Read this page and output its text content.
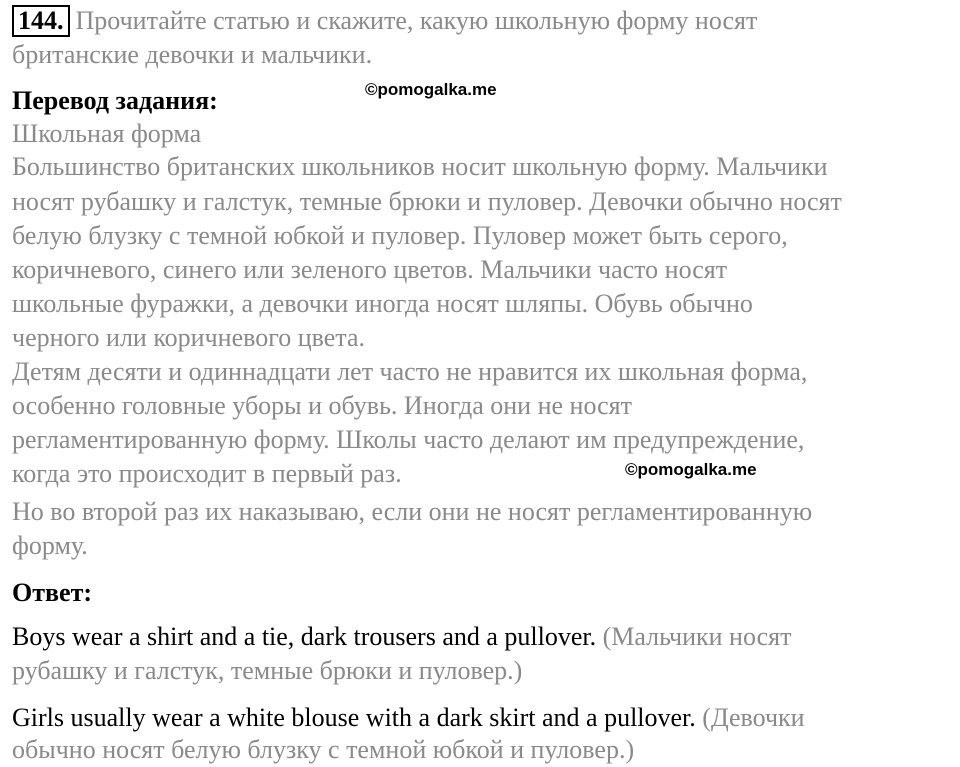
144. Прочитайте статью и скажите, какую школьную форму носят

британские девочки и мальчики.

Перевод задания:	©pomogalka.me

Школьная форма

Большинство британских школьников носит школьную форму. Мальчики

носят рубашку и галстук, темные брюки и пуловер. Девочки обычно носят

белую блузку с темной юбкой и пуловер. Пуловер может быть серого,

коричневого, синего или зеленого цветов. Мальчики часто носят

школьные фуражки, а девочки иногда носят шляпы. Обувь обычно

черного или коричневого цвета.

Детям десяти и одиннадцати лет часто не нравится их школьная форма,

особенно головные уборы и обувь. Иногда они не носят

регламентированную форму. Школы часто делают им предупреждение,

когда это происходит в первый раз.	©pomogalka.me

Но во второй раз их наказываю, если они не носят регламентированную

форму.

Ответ:

Boys wear a shirt and a tie, dark trousers and a pullover. (Мальчики носят

рубашку и галстук, темные брюки и пуловер.)

Girls usually wear a white blouse with a dark skirt and a pullover. (Девочки

обычно носят белую блузку с темной юбкой и пуловер.)
